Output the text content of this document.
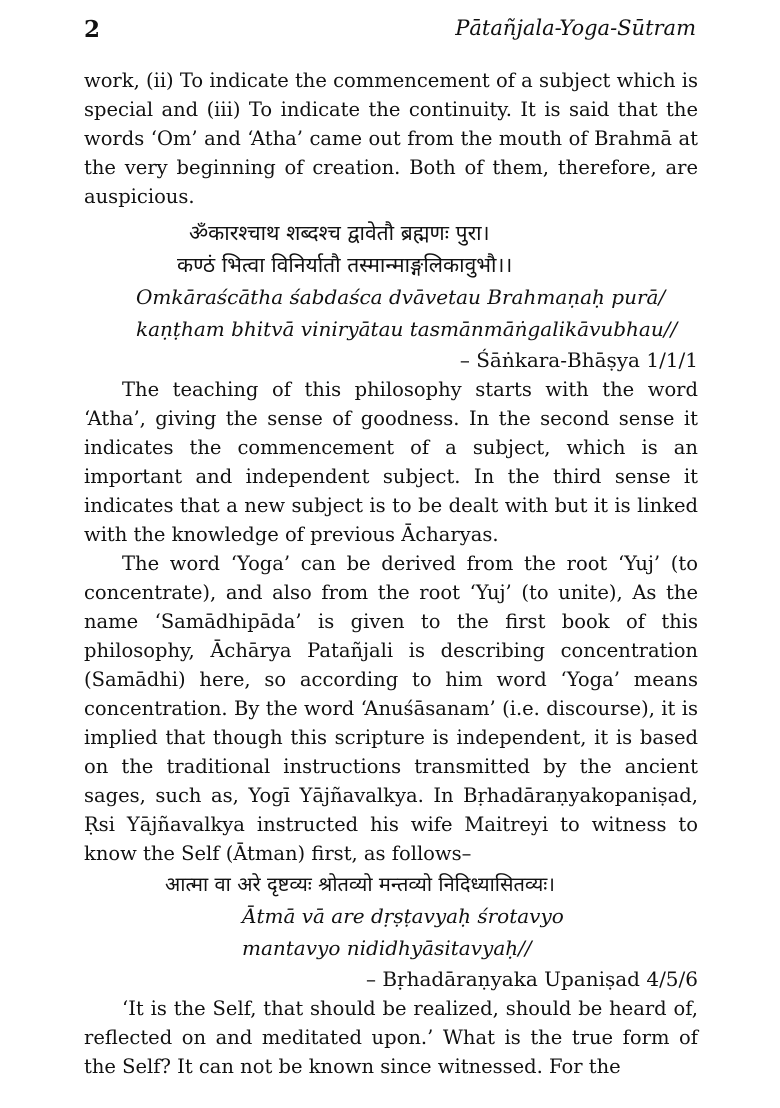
2	Pātañjala-Yoga-Sūtram

work, (ii) To indicate the commencement of a subject which is special and (iii) To indicate the continuity. It is said that the words ‘Om’ and ‘Atha’ came out from the mouth of Brahmā at the very beginning of creation. Both of them, therefore, are auspicious.

ॐकारश्चाथ शब्दश्च द्वावेतौ ब्रह्मणः पुरा।
कण्ठं भित्वा विनिर्यातौ तस्मान्माङ्गलिकावुभौ।।
Omkāraścātha śabdaśca dvāvetau Brahmaṇaḥ purā/
kaṇṭham bhitvā viniryātau tasmānmāṅgalikāvubhau//
– Śāṅkara-Bhāṣya 1/1/1

The teaching of this philosophy starts with the word ‘Atha’, giving the sense of goodness. In the second sense it indicates the commencement of a subject, which is an important and independent subject. In the third sense it indicates that a new subject is to be dealt with but it is linked with the knowledge of previous Ācharyas.

The word ‘Yoga’ can be derived from the root ‘Yuj’ (to concentrate), and also from the root ‘Yuj’ (to unite), As the name ‘Samādhipāda’ is given to the first book of this philosophy, Āchārya Patañjali is describing concentration (Samādhi) here, so according to him word ‘Yoga’ means concentration. By the word ‘Anuśāsanam’ (i.e. discourse), it is implied that though this scripture is independent, it is based on the traditional instructions transmitted by the ancient sages, such as, Yogī Yājñavalkya. In Bṛhadāraṇyakopaniṣad, Ṛsi Yājñavalkya instructed his wife Maitreyi to witness to know the Self (Ātman) first, as follows–

आत्मा वा अरे दृष्टव्यः श्रोतव्यो मन्तव्यो निदिध्यासितव्यः।
Ātmā vā are dṛṣṭavyaḥ śrotavyo
mantavyo nididhyāsitavyaḥ//
– Bṛhadāraṇyaka Upaniṣad 4/5/6

‘It is the Self, that should be realized, should be heard of, reflected on and meditated upon.’ What is the true form of the Self? It can not be known since witnessed. For the
